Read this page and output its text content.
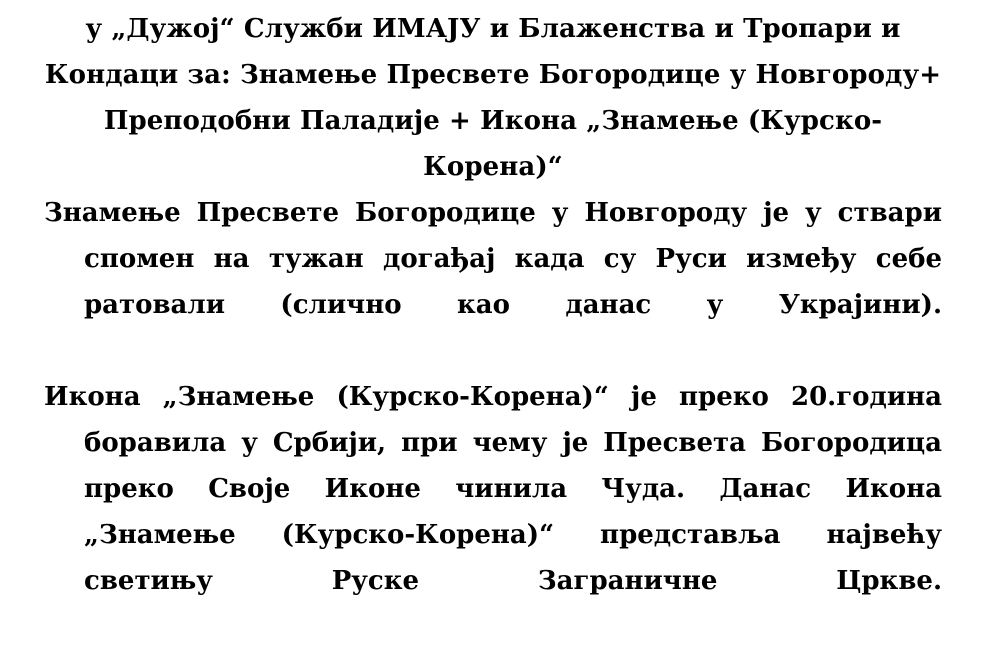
у „Дужој“ Служби ИМАЈУ и Блаженства и Тропари и Кондаци за: Знамење Пресвете Богородице у Новгороду+ Преподобни Паладије + Икона „Знамење (Курско-Корена)“

Знамење Пресвете Богородице у Новгороду је у ствари спомен на тужан догађај када су Руси између себе ратовали (слично као данас у Украјини).

Икона „Знамење (Курско-Корена)“ је преко 20.година боравила у Србији, при чему је Пресвета Богородица преко Своје Иконе чинила Чуда. Данас Икона „Знамење (Курско-Корена)“ представља највећу светињу Руске Заграничне Цркве.
